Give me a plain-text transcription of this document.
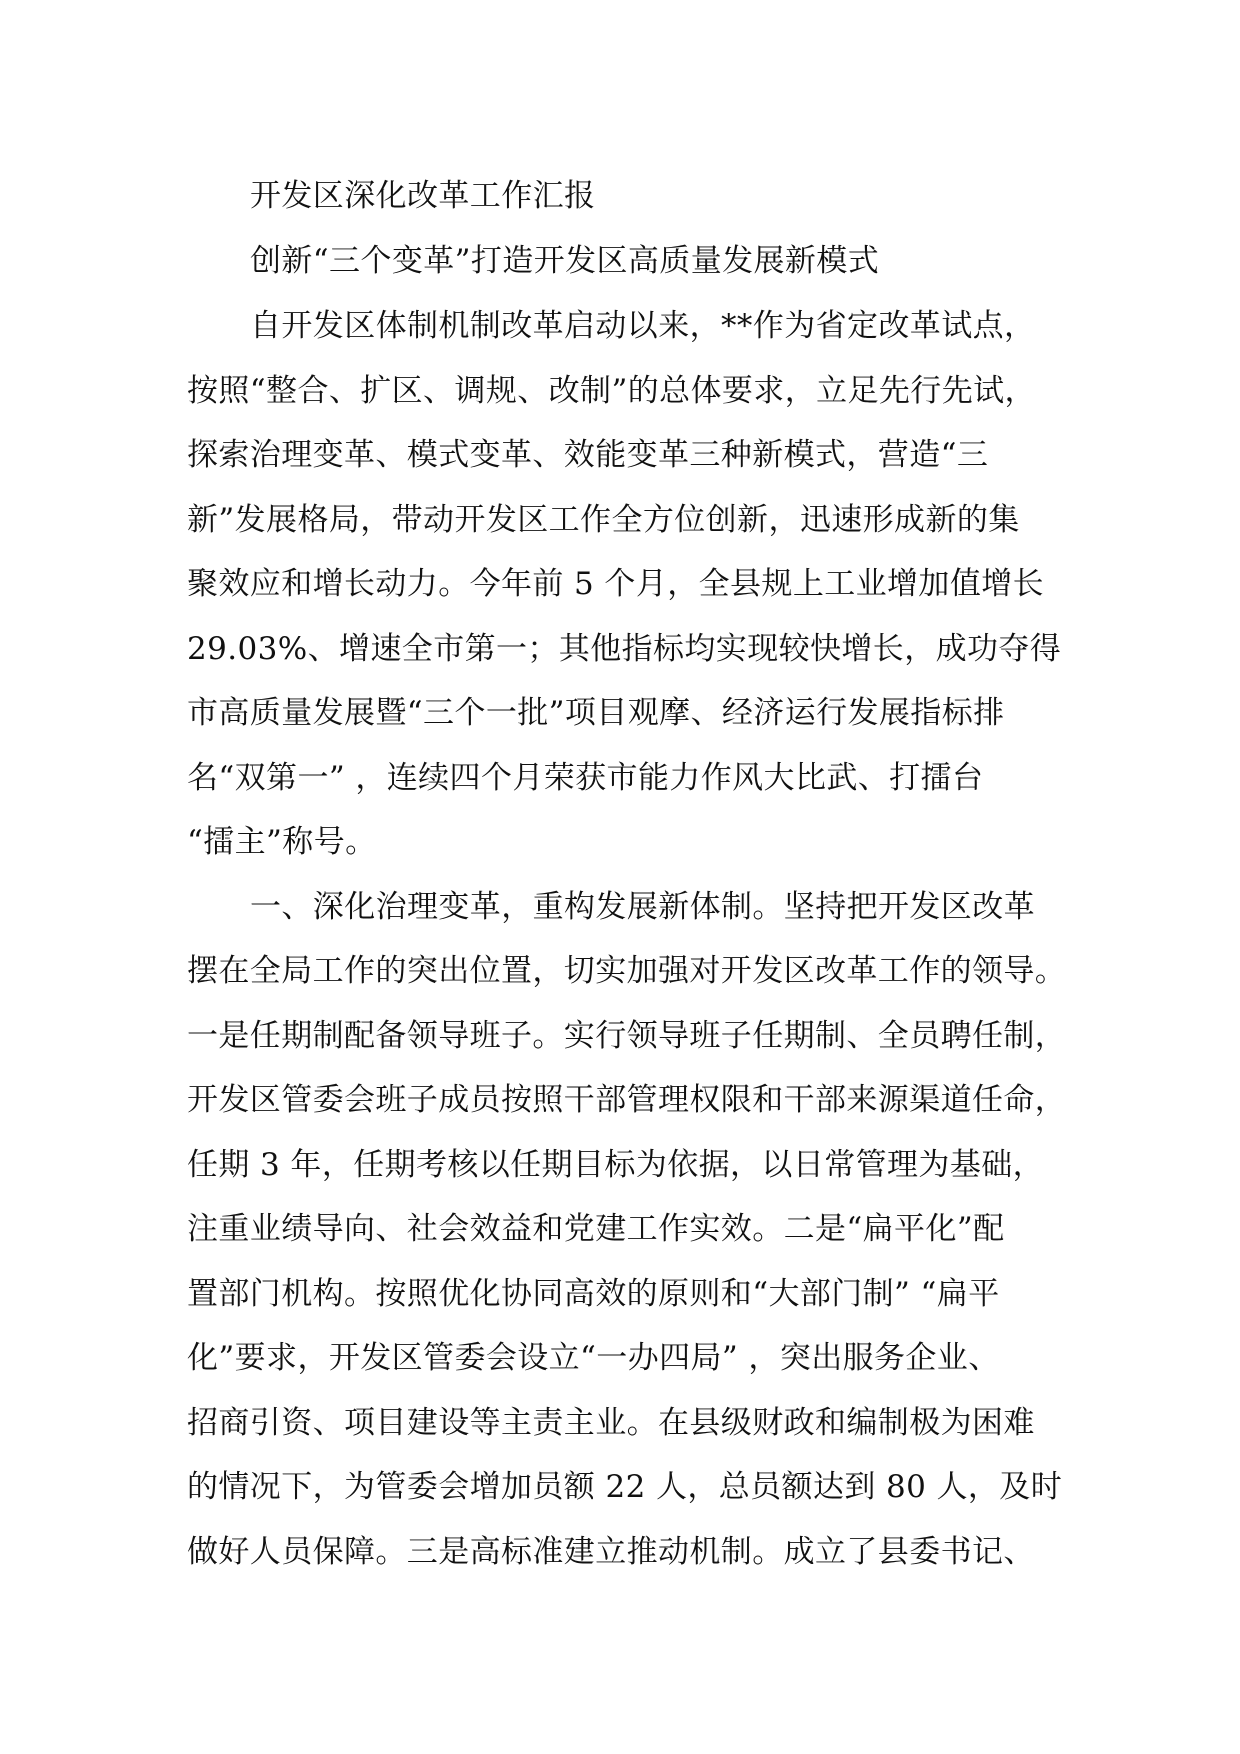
开发区深化改革工作汇报
创新“三个变革”打造开发区高质量发展新模式
自开发区体制机制改革启动以来，**作为省定改革试点，
按照“整合、扩区、调规、改制”的总体要求，立足先行先试，
探索治理变革、模式变革、效能变革三种新模式，营造“三
新”发展格局，带动开发区工作全方位创新，迅速形成新的集
聚效应和增长动力。今年前 5 个月，全县规上工业增加值增长
29.03%、增速全市第一；其他指标均实现较快增长，成功夺得
市高质量发展暨“三个一批”项目观摩、经济运行发展指标排
名“双第一” ，连续四个月荣获市能力作风大比武、打擂台
“擂主”称号。
一、深化治理变革，重构发展新体制。坚持把开发区改革
摆在全局工作的突出位置，切实加强对开发区改革工作的领导。
一是任期制配备领导班子。实行领导班子任期制、全员聘任制，
开发区管委会班子成员按照干部管理权限和干部来源渠道任命，
任期 3 年，任期考核以任期目标为依据，以日常管理为基础，
注重业绩导向、社会效益和党建工作实效。二是“扁平化”配
置部门机构。按照优化协同高效的原则和“大部门制” “扁平
化”要求，开发区管委会设立“一办四局” ，突出服务企业、
招商引资、项目建设等主责主业。在县级财政和编制极为困难
的情况下，为管委会增加员额 22 人，总员额达到 80 人，及时
做好人员保障。三是高标准建立推动机制。成立了县委书记、
